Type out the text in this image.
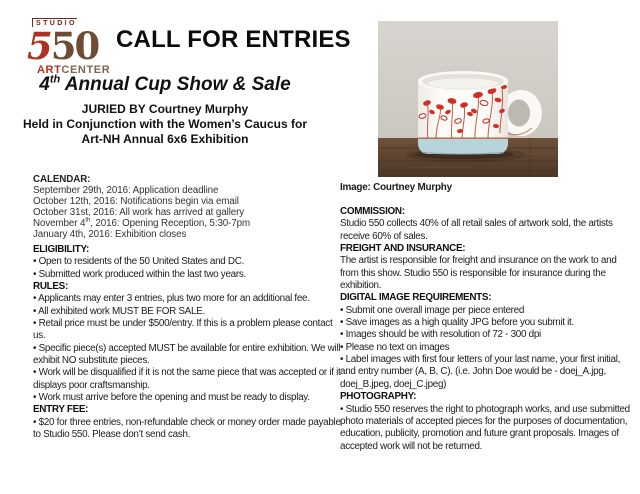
STUDIO
550
ARTCENTER
CALL FOR ENTRIES
4th Annual Cup Show & Sale
JURIED BY Courtney Murphy
Held in Conjunction with the Women’s Caucus for
Art-NH Annual 6x6 Exhibition
CALENDAR:
September 29th, 2016: Application deadline
October 12th, 2016: Notifications begin via email
October 31st, 2016: All work has arrived at gallery
November 4th, 2016: Opening Reception, 5:30-7pm
January 4th, 2016: Exhibition closes
ELIGIBILITY:
• Open to residents of the 50 United States and DC.
• Submitted work produced within the last two years.
RULES:
• Applicants may enter 3 entries, plus two more for an additional fee.
• All exhibited work MUST BE FOR SALE.
• Retail price must be under $500/entry. If this is a problem please contact us.
• Specific piece(s) accepted MUST be available for entire exhibition. We will exhibit NO substitute pieces.
• Work will be disqualified if it is not the same piece that was accepted or if it displays poor craftsmanship.
• Work must arrive before the opening and must be ready to display.
ENTRY FEE:
• $20 for three entries, non-refundable check or money order made payable to Studio 550. Please don’t send cash.
Image: Courtney Murphy
COMMISSION:

Studio 550 collects 40% of all retail sales of artwork sold, the artists receive 60% of sales.

FREIGHT AND INSURANCE:

The artist is responsible for freight and insurance on the work to and from this show. Studio 550 is responsible for insurance during the exhibition.

DIGITAL IMAGE REQUIREMENTS:
• Submit one overall image per piece entered
• Save images as a high quality JPG before you submit it.
• Images should be with resolution of 72 - 300 dpi
• Please no text on images
• Label images with first four letters of your last name, your first initial, and entry number (A, B, C). (i.e. John Doe would be - doej_A.jpg, doej_B.jpeg, doej_C.jpeg)
PHOTOGRAPHY:
• Studio 550 reserves the right to photograph works, and use submitted photo materials of accepted pieces for the purposes of documentation, education, publicity, promotion and future grant proposals. Images of accepted work will not be returned.
